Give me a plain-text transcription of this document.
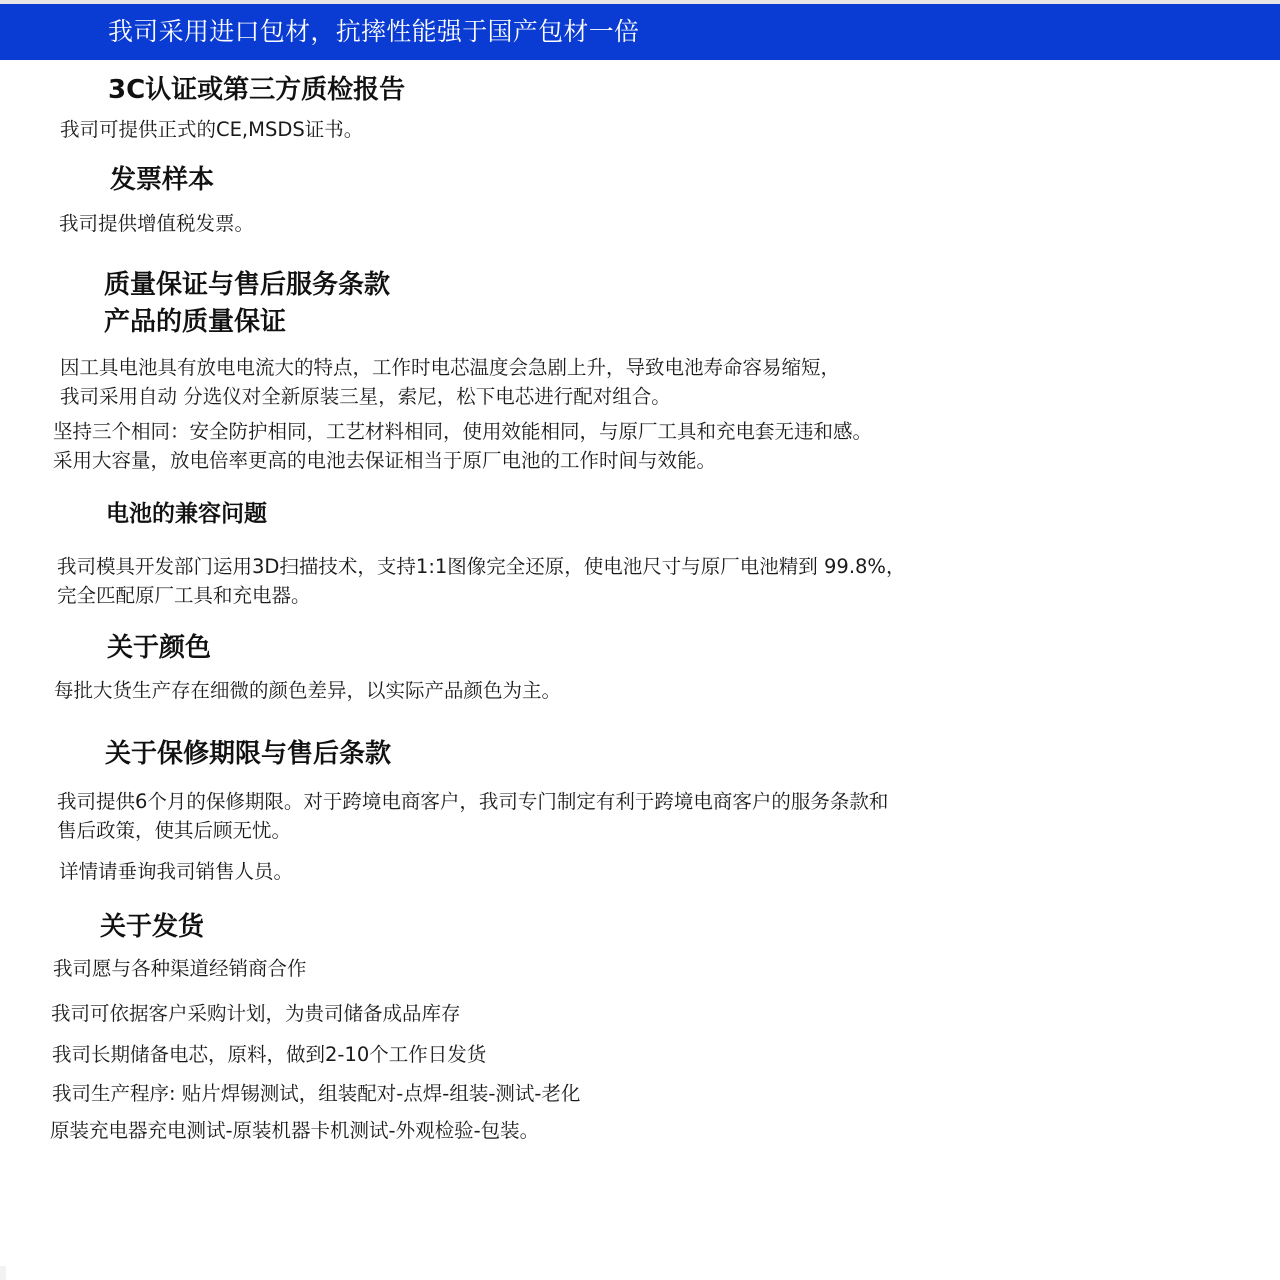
我司采用进口包材，抗摔性能强于国产包材一倍
3C认证或第三方质检报告
我司可提供正式的CE,MSDS证书。
发票样本
我司提供增值税发票。
质量保证与售后服务条款
产品的质量保证
因工具电池具有放电电流大的特点，工作时电芯温度会急剧上升，导致电池寿命容易缩短，
我司采用自动 分选仪对全新原装三星，索尼，松下电芯进行配对组合。
坚持三个相同：安全防护相同，工艺材料相同，使用效能相同，与原厂工具和充电套无违和感。
采用大容量，放电倍率更高的电池去保证相当于原厂电池的工作时间与效能。
电池的兼容问题
我司模具开发部门运用3D扫描技术，支持1:1图像完全还原，使电池尺寸与原厂电池精到 99.8%，
完全匹配原厂工具和充电器。
关于颜色
每批大货生产存在细微的颜色差异，以实际产品颜色为主。
关于保修期限与售后条款
我司提供6个月的保修期限。对于跨境电商客户，我司专门制定有利于跨境电商客户的服务条款和
售后政策，使其后顾无忧。
详情请垂询我司销售人员。
关于发货
我司愿与各种渠道经销商合作
我司可依据客户采购计划，为贵司储备成品库存
我司长期储备电芯，原料，做到2-10个工作日发货
我司生产程序: 贴片焊锡测试，组装配对-点焊-组装-测试-老化
原装充电器充电测试-原装机器卡机测试-外观检验-包装。
